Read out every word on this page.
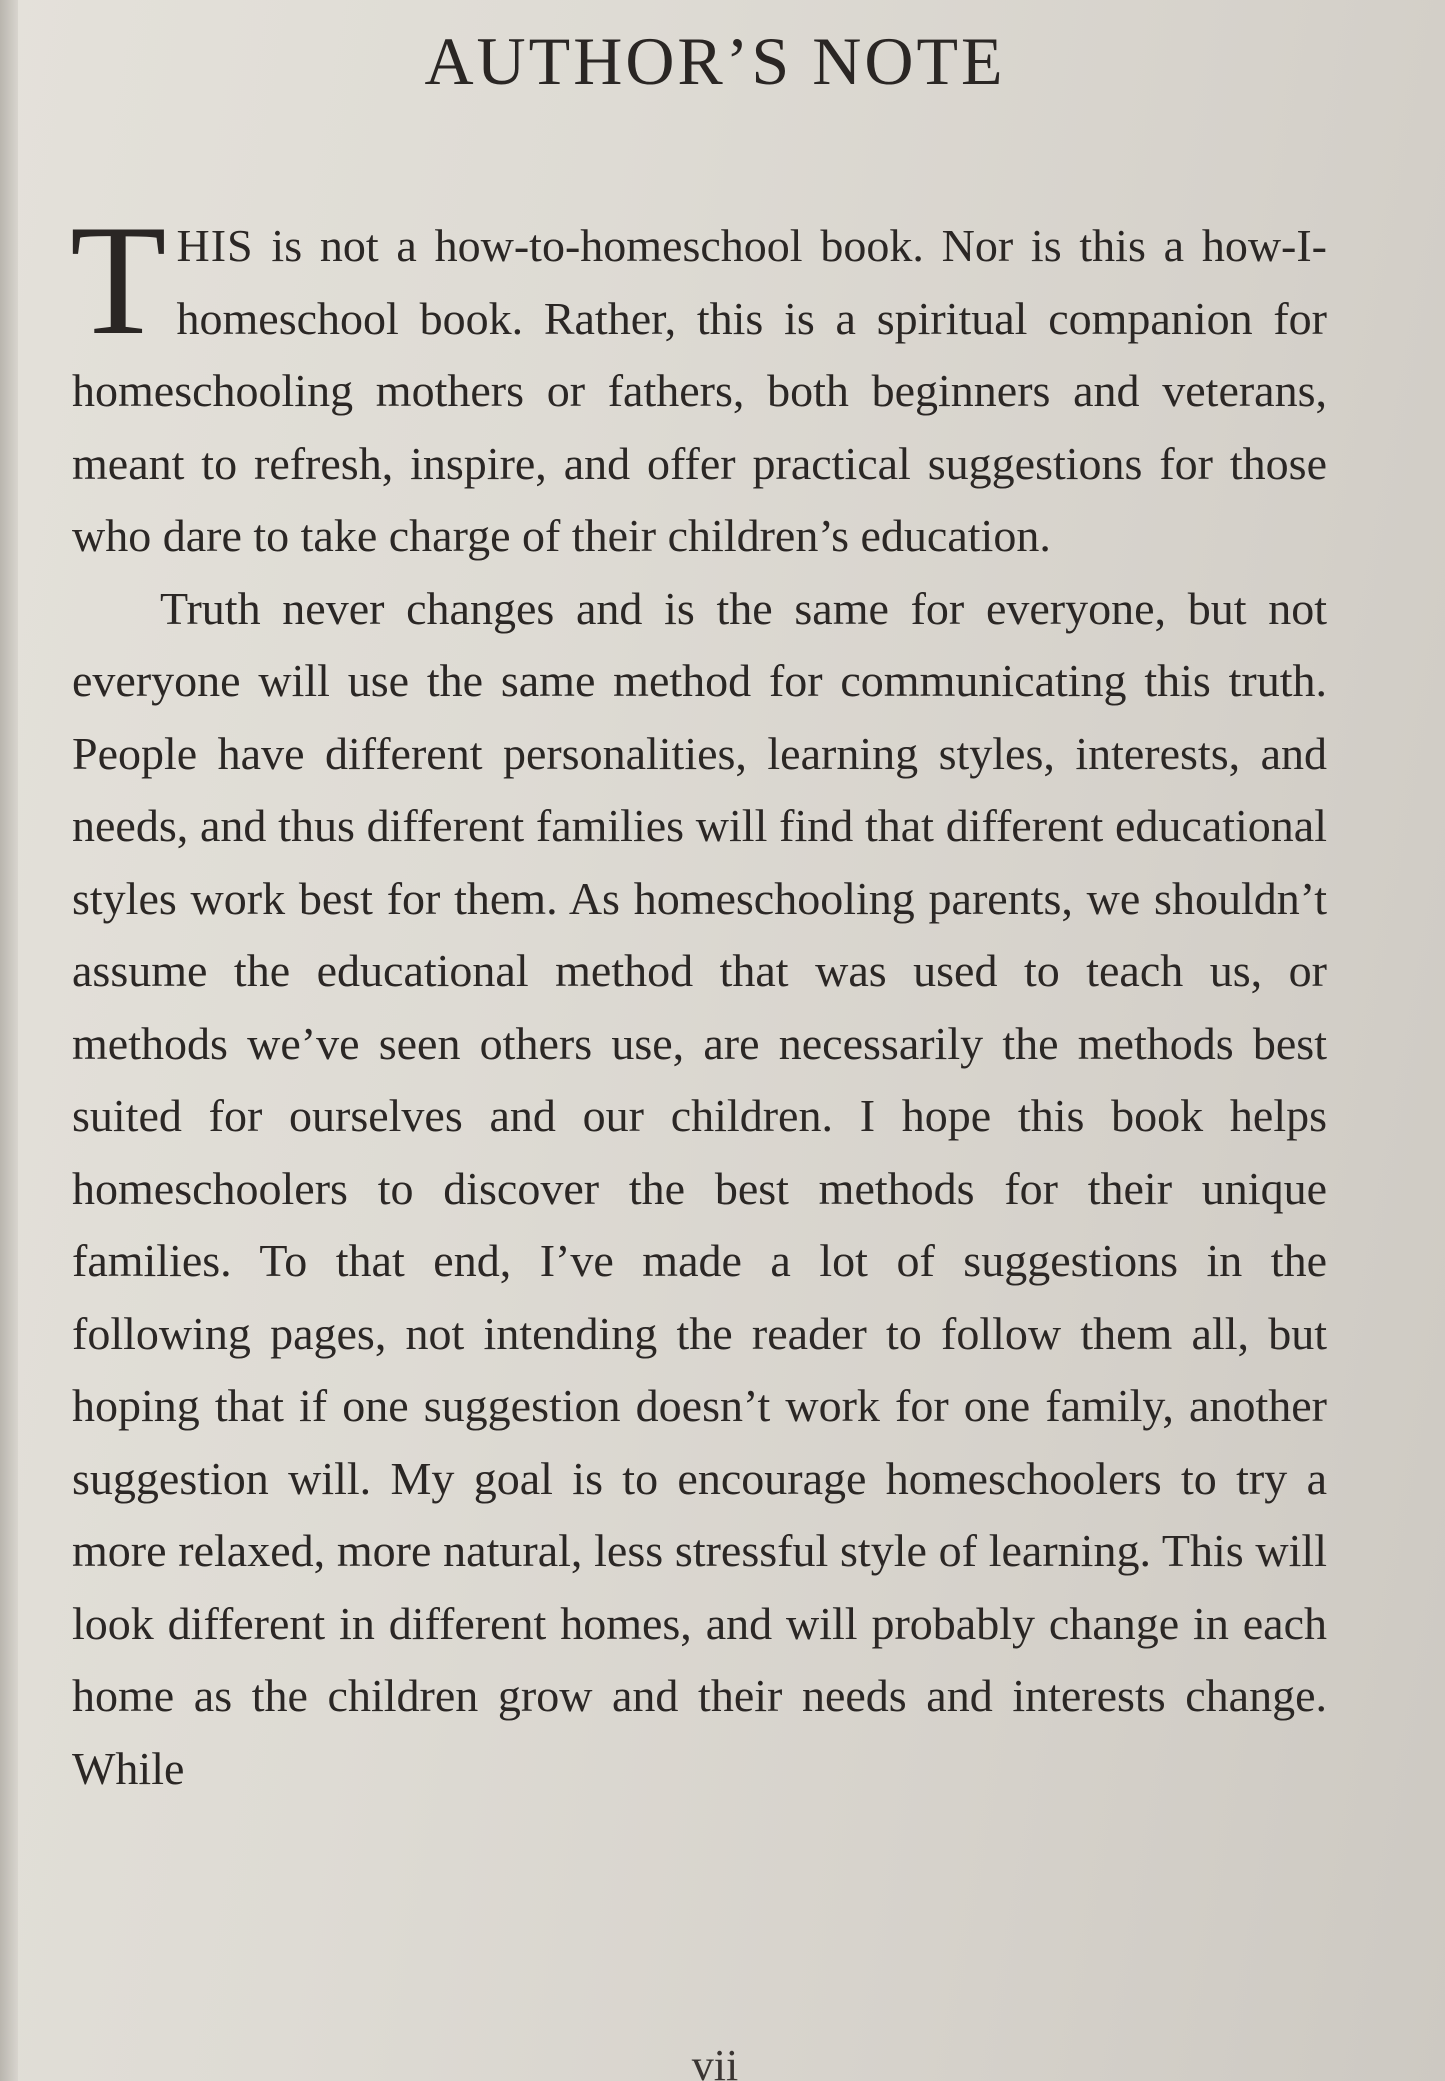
AUTHOR’S NOTE

THIS is not a how-to-homeschool book. Nor is this a how-I-homeschool book. Rather, this is a spiritual companion for homeschooling mothers or fathers, both beginners and veterans, meant to refresh, inspire, and offer practical suggestions for those who dare to take charge of their children’s education.

Truth never changes and is the same for everyone, but not everyone will use the same method for communicating this truth. People have different personalities, learning styles, interests, and needs, and thus different families will find that different educational styles work best for them. As homeschooling parents, we shouldn’t assume the educational method that was used to teach us, or methods we’ve seen others use, are necessarily the methods best suited for ourselves and our children. I hope this book helps homeschoolers to discover the best methods for their unique families. To that end, I’ve made a lot of suggestions in the following pages, not intending the reader to follow them all, but hoping that if one suggestion doesn’t work for one family, another suggestion will. My goal is to encourage homeschoolers to try a more relaxed, more natural, less stressful style of learning. This will look different in different homes, and will probably change in each home as the children grow and their needs and interests change. While

vii
